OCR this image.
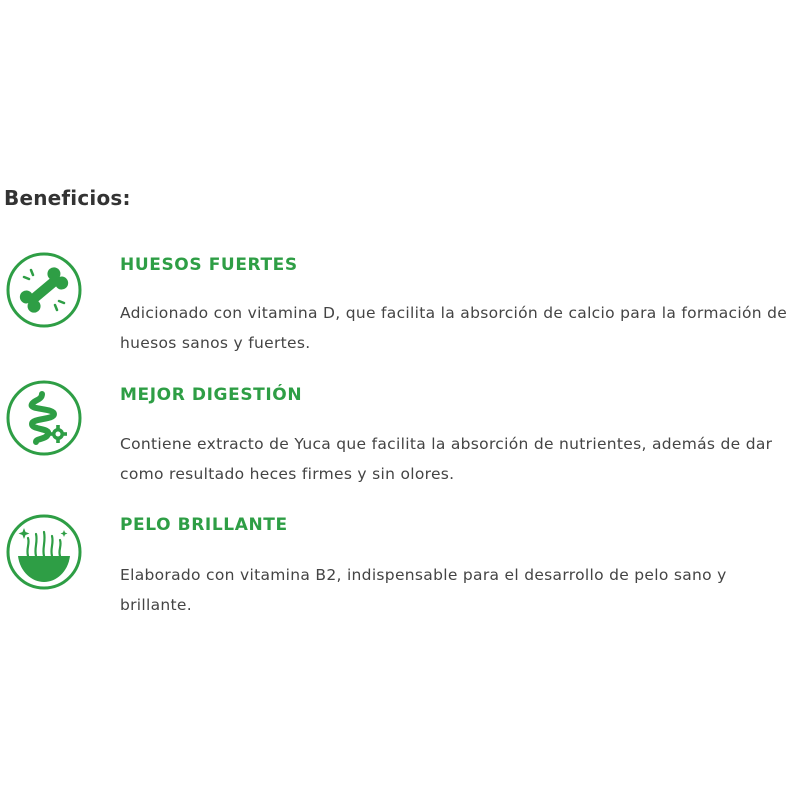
Beneficios:
HUESOS FUERTES

Adicionado con vitamina D, que facilita la absorción de calcio para la formación de huesos sanos y fuertes.

MEJOR DIGESTIÓN

Contiene extracto de Yuca que facilita la absorción de nutrientes, además de dar como resultado heces firmes y sin olores.

PELO BRILLANTE

Elaborado con vitamina B2, indispensable para el desarrollo de pelo sano y brillante.
